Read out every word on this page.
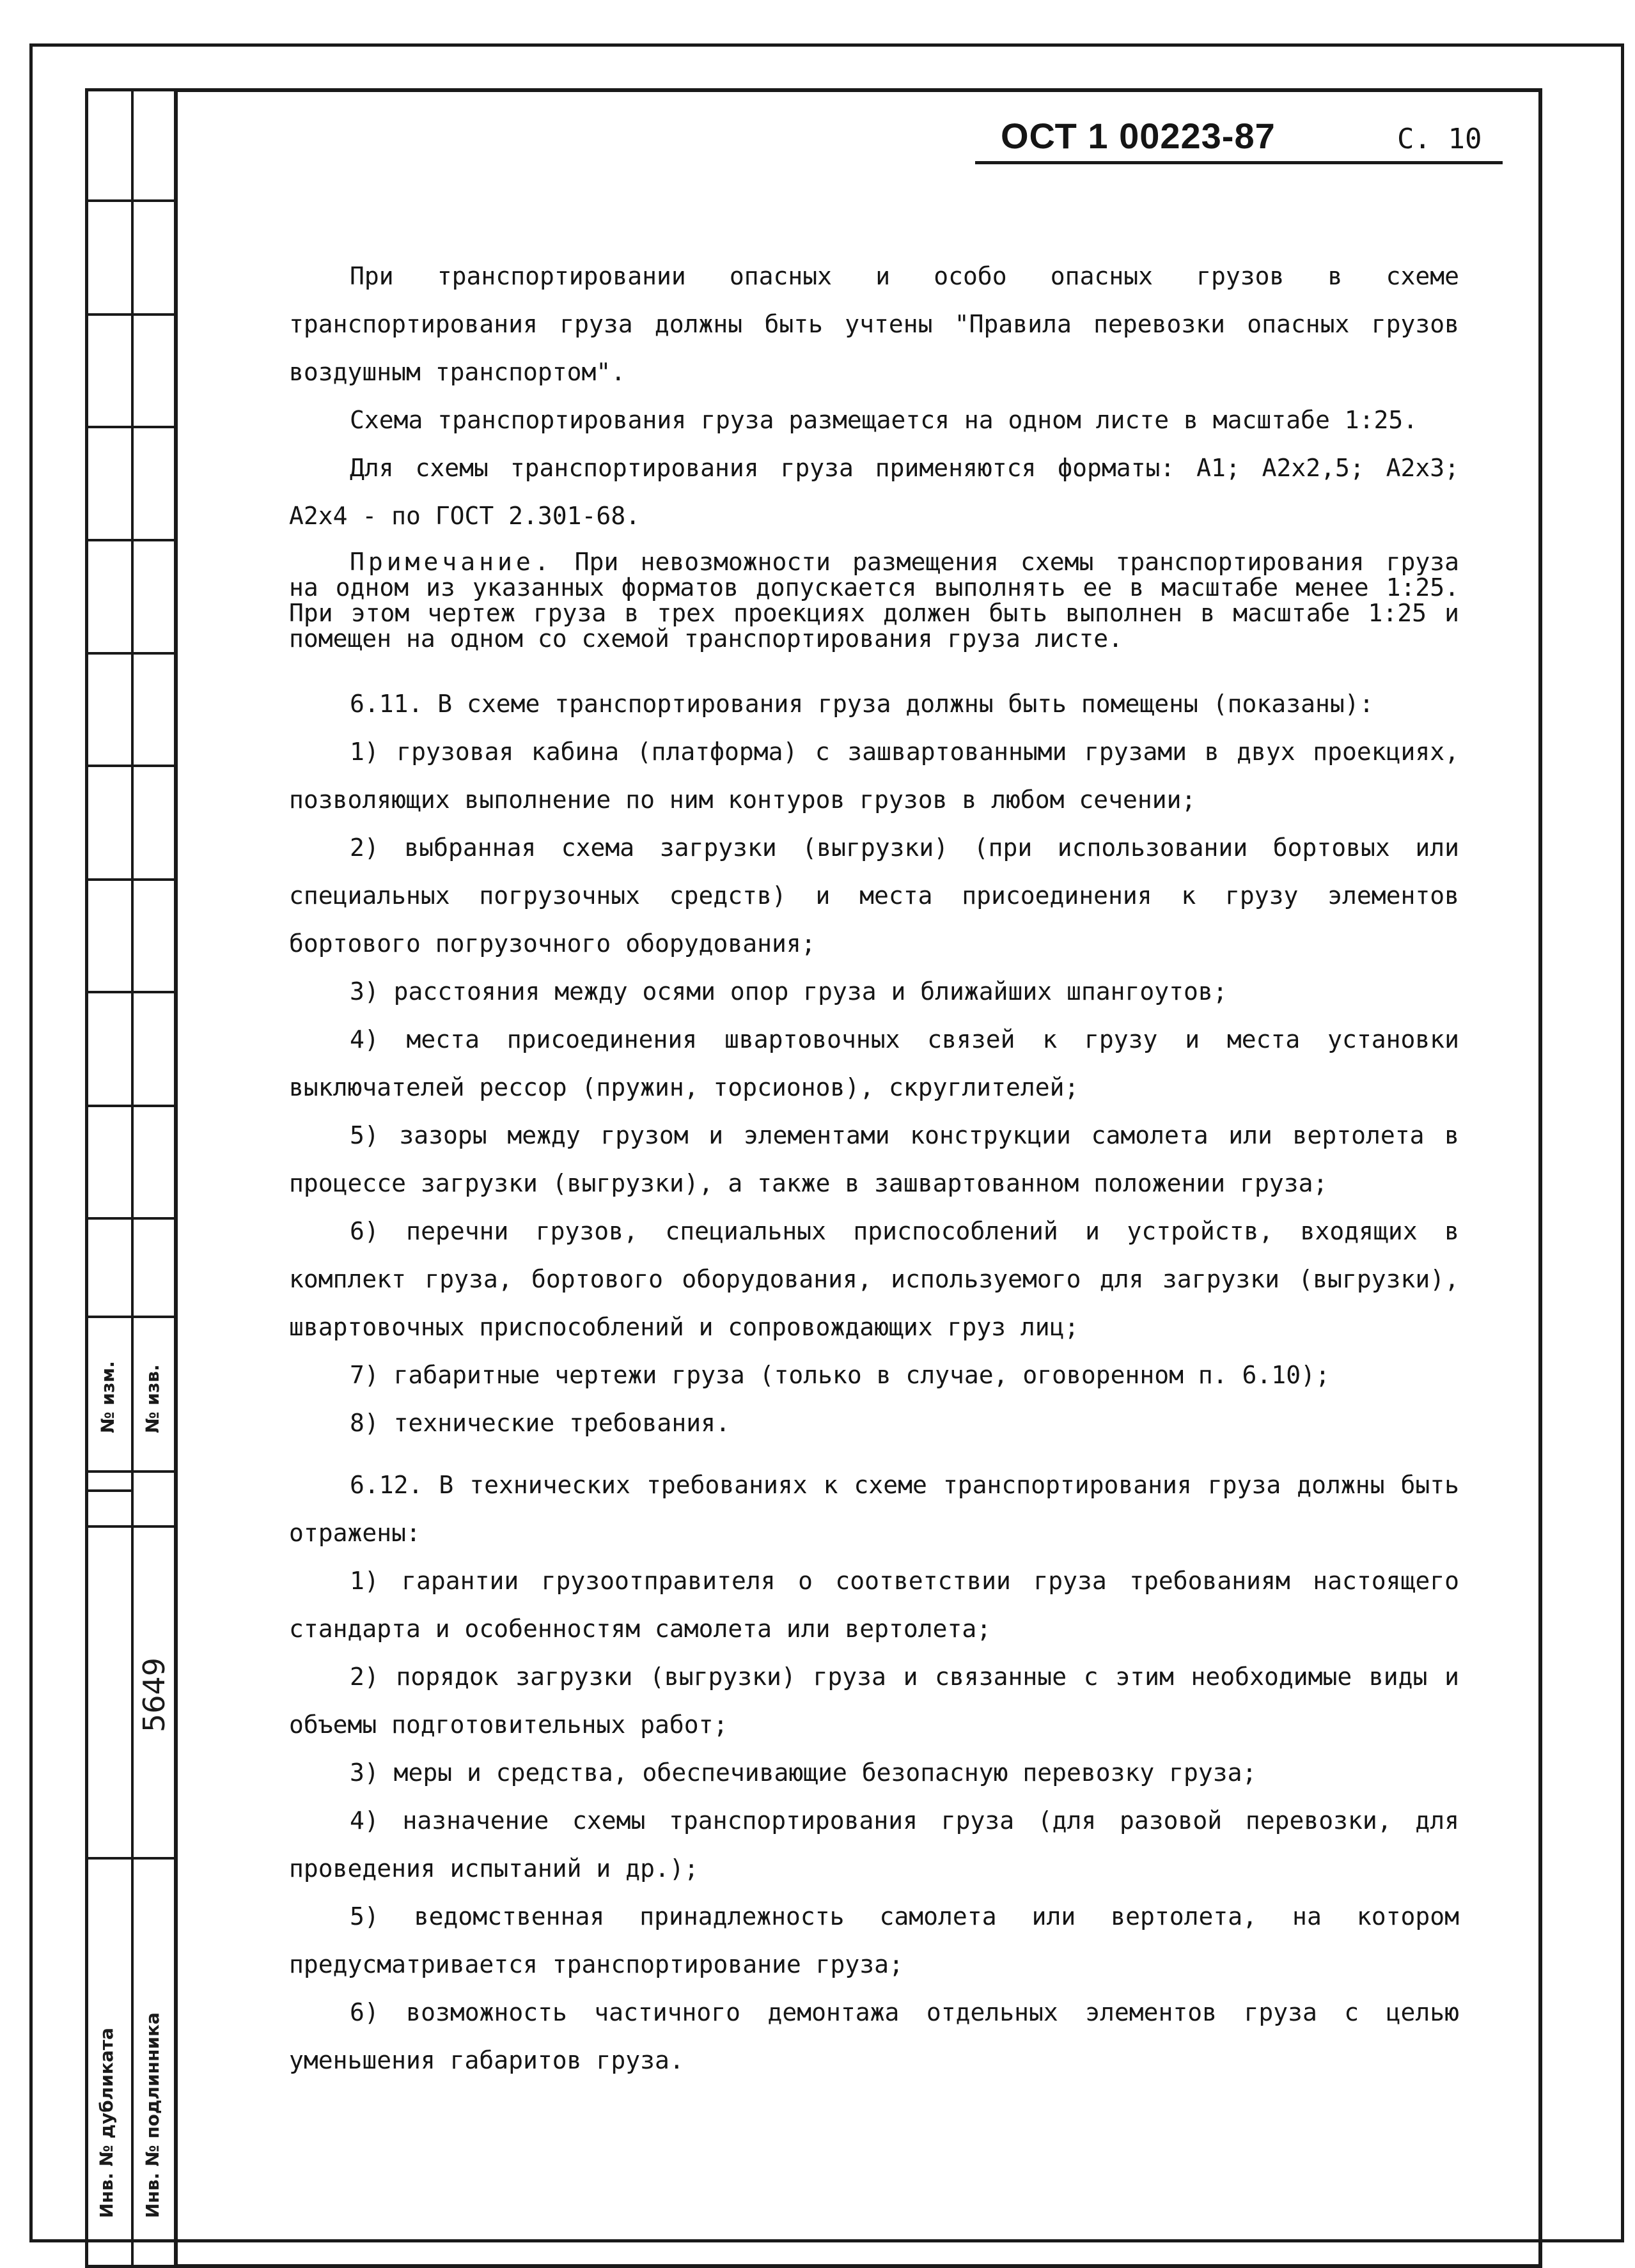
№ изм. № изв.
5649
Инв. № дубликата Инв. № подлинника
ОСТ 1 00223-87	С. 10

При транспортировании опасных и особо опасных грузов в схеме транспортирования груза должны быть учтены "Правила перевозки опасных грузов воздушным транспортом".

Схема транспортирования груза размещается на одном листе в масштабе 1:25.

Для схемы транспортирования груза применяются форматы: А1; А2х2,5; А2х3; А2х4 - по ГОСТ 2.301-68.

Примечание. При невозможности размещения схемы транспортирования груза на одном из указанных форматов допускается выполнять ее в масштабе менее 1:25. При этом чертеж груза в трех проекциях должен быть выполнен в масштабе 1:25 и помещен на одном со схемой транспортирования груза листе.

6.11. В схеме транспортирования груза должны быть помещены (показаны):

1) грузовая кабина (платформа) с зашвартованными грузами в двух проекциях, позволяющих выполнение по ним контуров грузов в любом сечении;

2) выбранная схема загрузки (выгрузки) (при использовании бортовых или специальных погрузочных средств) и места присоединения к грузу элементов бортового погрузочного оборудования;

3) расстояния между осями опор груза и ближайших шпангоутов;

4) места присоединения швартовочных связей к грузу и места установки выключателей рессор (пружин, торсионов), скруглителей;

5) зазоры между грузом и элементами конструкции самолета или вертолета в процессе загрузки (выгрузки), а также в зашвартованном положении груза;

6) перечни грузов, специальных приспособлений и устройств, входящих в комплект груза, бортового оборудования, используемого для загрузки (выгрузки), швартовочных приспособлений и сопровождающих груз лиц;

7) габаритные чертежи груза (только в случае, оговоренном п. 6.10);

8) технические требования.

6.12. В технических требованиях к схеме транспортирования груза должны быть отражены:

1) гарантии грузоотправителя о соответствии груза требованиям настоящего стандарта и особенностям самолета или вертолета;

2) порядок загрузки (выгрузки) груза и связанные с этим необходимые виды и объемы подготовительных работ;

3) меры и средства, обеспечивающие безопасную перевозку груза;

4) назначение схемы транспортирования груза (для разовой перевозки, для проведения испытаний и др.);

5) ведомственная принадлежность самолета или вертолета, на котором предусматривается транспортирование груза;

6) возможность частичного демонтажа отдельных элементов груза с целью уменьшения габаритов груза.
